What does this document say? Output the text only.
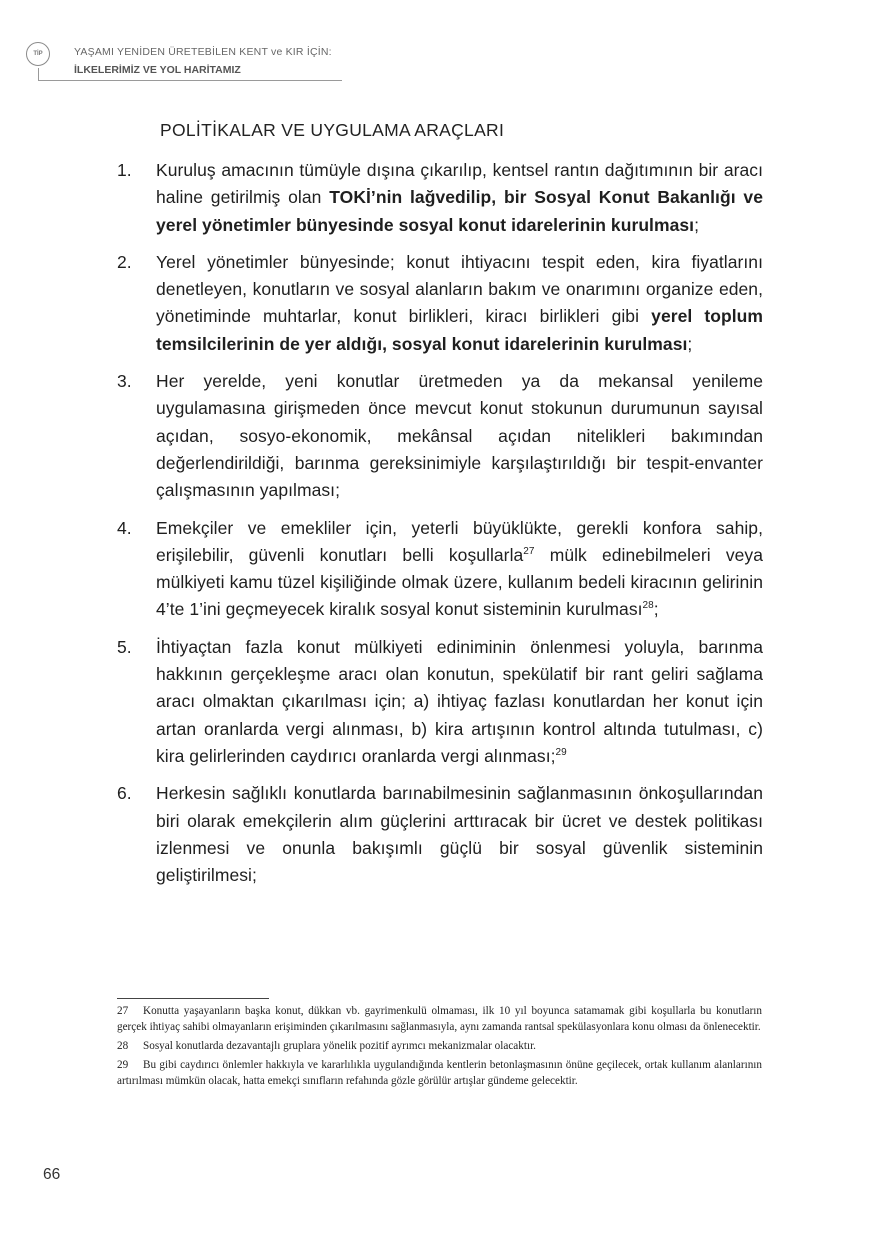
TİP	YAŞAMI YENİDEN ÜRETEBİLEN KENT ve KIR İÇİN:
İLKELERİMİZ VE YOL HARİTAMIZ
POLİTİKALAR VE UYGULAMA ARAÇLARI
1. Kuruluş amacının tümüyle dışına çıkarılıp, kentsel rantın dağıtımının bir aracı haline getirilmiş olan TOKİ’nin lağvedilip, bir Sosyal Konut Bakanlığı ve yerel yönetimler bünyesinde sosyal konut idarelerinin kurulması;
2. Yerel yönetimler bünyesinde; konut ihtiyacını tespit eden, kira fiyatlarını denetleyen, konutların ve sosyal alanların bakım ve onarımını organize eden, yönetiminde muhtarlar, konut birlikleri, kiracı birlikleri gibi yerel toplum temsilcilerinin de yer aldığı, sosyal konut idarelerinin kurulması;
3. Her yerelde, yeni konutlar üretmeden ya da mekansal yenileme uygulamasına girişmeden önce mevcut konut stokunun durumunun sayısal açıdan, sosyo-ekonomik, mekânsal açıdan nitelikleri bakımından değerlendirildiği, barınma gereksinimiyle karşılaştırıldığı bir tespit-envanter çalışmasının yapılması;
4. Emekçiler ve emekliler için, yeterli büyüklükte, gerekli konfora sahip, erişilebilir, güvenli konutları belli koşullarla$^{27}$ mülk edinebilmeleri veya mülkiyeti kamu tüzel kişiliğinde olmak üzere, kullanım bedeli kiracının gelirinin 4’te 1’ini geçmeyecek kiralık sosyal konut sisteminin kurulması$^{28}$;
5. İhtiyaçtan fazla konut mülkiyeti ediniminin önlenmesi yoluyla, barınma hakkının gerçekleşme aracı olan konutun, spekülatif bir rant geliri sağlama aracı olmaktan çıkarılması için; a) ihtiyaç fazlası konutlardan her konut için artan oranlarda vergi alınması, b) kira artışının kontrol altında tutulması, c) kira gelirlerinden caydırıcı oranlarda vergi alınması;$^{29}$
6. Herkesin sağlıklı konutlarda barınabilmesinin sağlanmasının önkoşullarından biri olarak emekçilerin alım güçlerini arttıracak bir ücret ve destek politikası izlenmesi ve onunla bakışımlı güçlü bir sosyal güvenlik sisteminin geliştirilmesi;
27 Konutta yaşayanların başka konut, dükkan vb. gayrimenkulü olmaması, ilk 10 yıl boyunca satamamak gibi koşullarla bu konutların gerçek ihtiyaç sahibi olmayanların erişiminden çıkarılmasını sağlanmasıyla, aynı zamanda rantsal spekülasyonlara konu olması da önlenecektir.
28 Sosyal konutlarda dezavantajlı gruplara yönelik pozitif ayrımcı mekanizmalar olacaktır.
29 Bu gibi caydırıcı önlemler hakkıyla ve kararlılıkla uygulandığında kentlerin betonlaşmasının önüne geçilecek, ortak kullanım alanlarının artırılması mümkün olacak, hatta emekçi sınıfların refahında gözle görülür artışlar gündeme gelecektir.
66
